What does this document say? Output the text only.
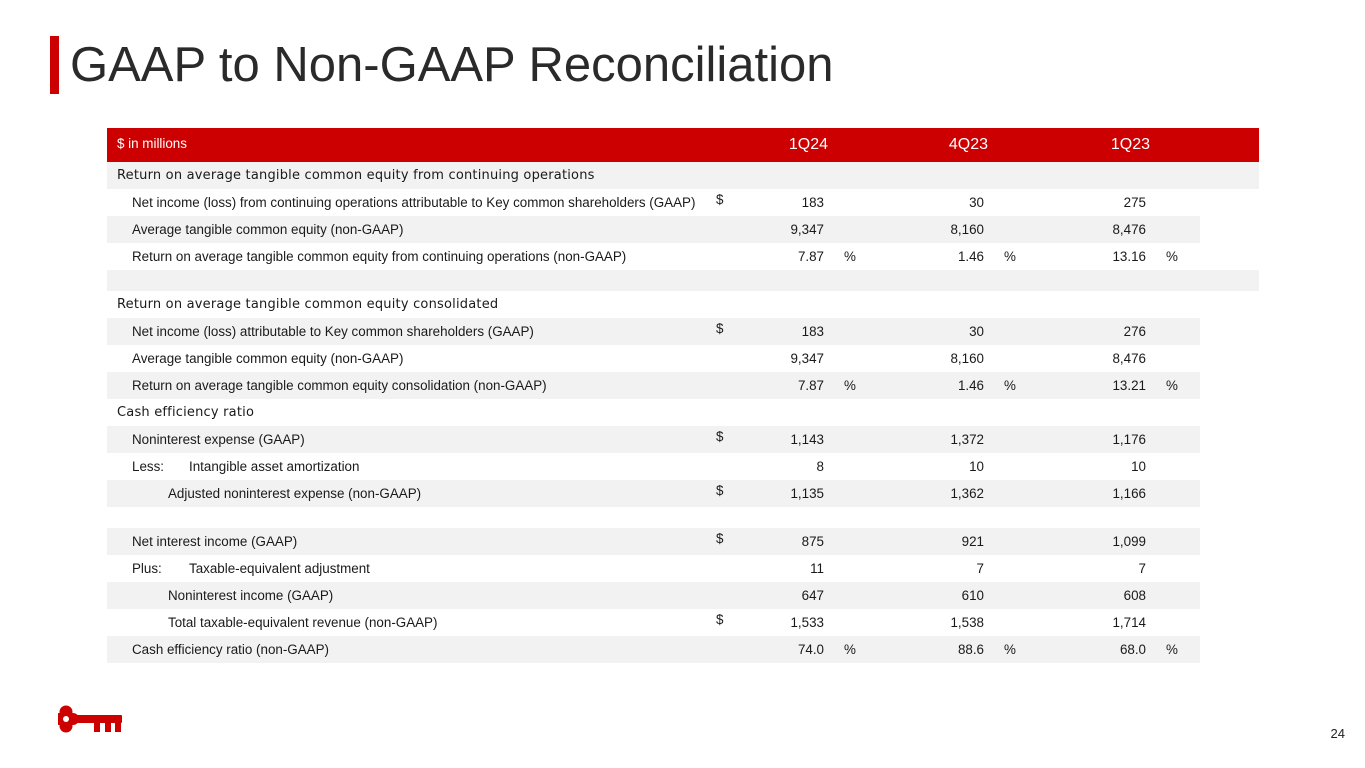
GAAP to Non-GAAP Reconciliation
$ in millions		1Q24			4Q23			1Q23		
Return on average tangible common equity from continuing operations										
Net income (loss) from continuing operations attributable to Key common shareholders (GAAP)	$	183			30			275		
Average tangible common equity (non-GAAP)		9,347			8,160			8,476		
Return on average tangible common equity from continuing operations (non-GAAP)		7.87	%		1.46	%		13.16	%	

Return on average tangible common equity consolidated										
Net income (loss) attributable to Key common shareholders (GAAP)	$	183			30			276		
Average tangible common equity (non-GAAP)		9,347			8,160			8,476		
Return on average tangible common equity consolidation (non-GAAP)		7.87	%		1.46	%		13.21	%	
Cash efficiency ratio										
Noninterest expense (GAAP)	$	1,143			1,372			1,176		
Less: Intangible asset amortization		8			10			10		
Adjusted noninterest expense (non-GAAP)	$	1,135			1,362			1,166		

Net interest income (GAAP)	$	875			921			1,099		
Plus: Taxable-equivalent adjustment		11			7			7		
Noninterest income (GAAP)		647			610			608		
Total taxable-equivalent revenue (non-GAAP)	$	1,533			1,538			1,714		
Cash efficiency ratio (non-GAAP)		74.0	%		88.6	%		68.0	%	
24
